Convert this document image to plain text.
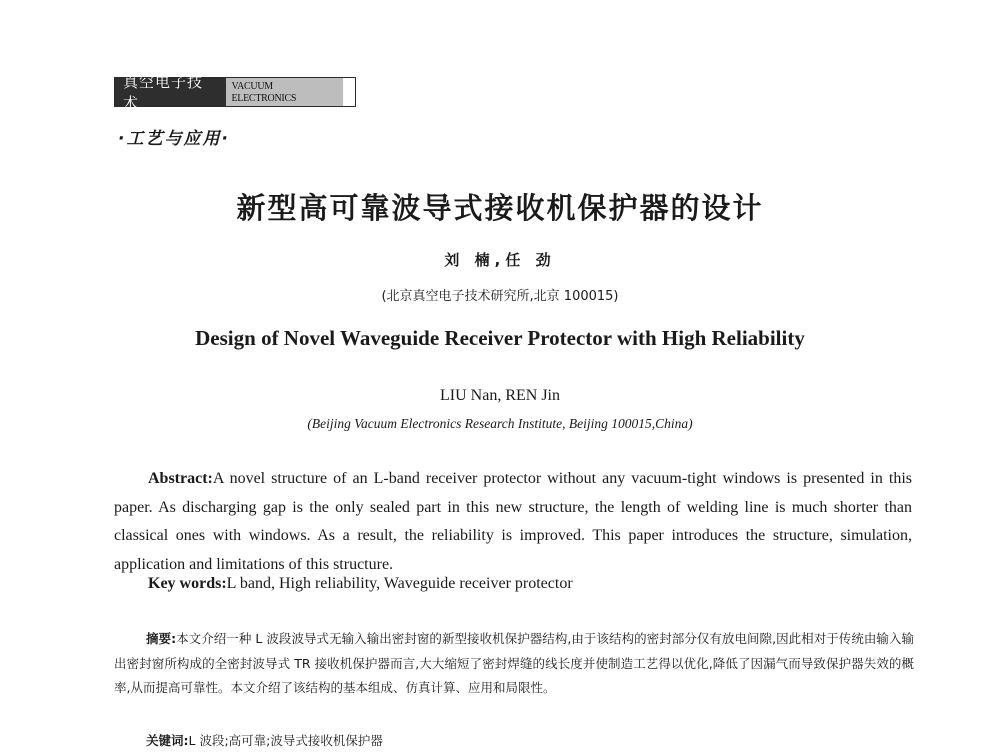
真空电子技术
VACUUM ELECTRONICS
·工艺与应用·
新型高可靠波导式接收机保护器的设计
刘 楠,任 劲
(北京真空电子技术研究所,北京 100015)
Design of Novel Waveguide Receiver Protector with High Reliability
LIU Nan, REN Jin
(Beijing Vacuum Electronics Research Institute, Beijing 100015,China)

Abstract:A novel structure of an L-band receiver protector without any vacuum-tight windows is presented in this paper. As discharging gap is the only sealed part in this new structure, the length of welding line is much shorter than classical ones with windows. As a result, the reliability is improved. This paper introduces the structure, simulation, application and limitations of this structure.

Key words:L band, High reliability, Waveguide receiver protector

摘要:本文介绍一种 L 波段波导式无输入输出密封窗的新型接收机保护器结构,由于该结构的密封部分仅有放电间隙,因此相对于传统由输入输出密封窗所构成的全密封波导式 TR 接收机保护器而言,大大缩短了密封焊缝的线长度并使制造工艺得以优化,降低了因漏气而导致保护器失效的概率,从而提高可靠性。本文介绍了该结构的基本组成、仿真计算、应用和局限性。

关键词:L 波段;高可靠;波导式接收机保护器
